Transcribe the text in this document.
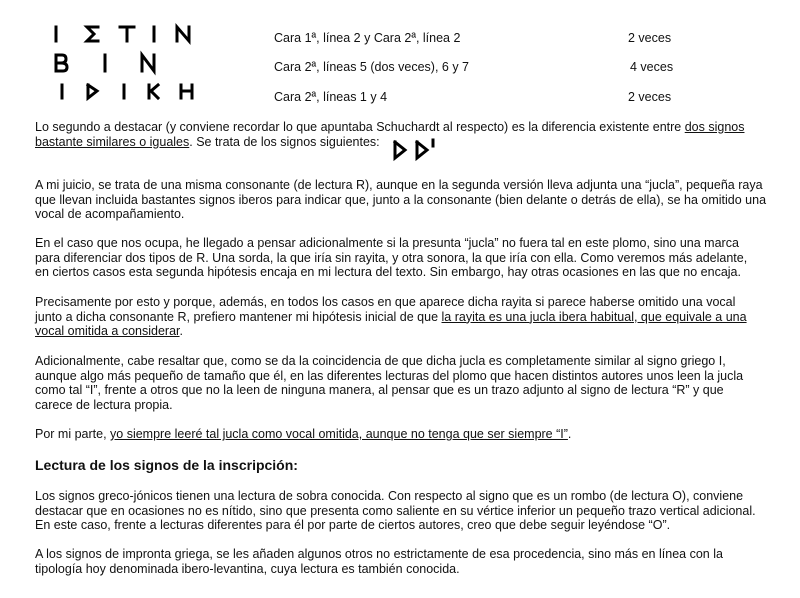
Cara 1ª, línea 2 y Cara 2ª, línea 2	2 veces
Cara 2ª, líneas 5 (dos veces), 6 y 7	4 veces
Cara 2ª, líneas 1 y 4	2 veces
Lo segundo a destacar (y conviene recordar lo que apuntaba Schuchardt al respecto) es la diferencia existente entre dos signos
bastante similares o iguales. Se trata de los signos siguientes:
A mi juicio, se trata de una misma consonante (de lectura R), aunque en la segunda versión lleva adjunta una “jucla”, pequeña raya
que llevan incluida bastantes signos iberos para indicar que, junto a la consonante (bien delante o detrás de ella), se ha omitido una
vocal de acompañamiento.
En el caso que nos ocupa, he llegado a pensar adicionalmente si la presunta “jucla” no fuera tal en este plomo, sino una marca
para diferenciar dos tipos de R. Una sorda, la que iría sin rayita, y otra sonora, la que iría con ella. Como veremos más adelante,
en ciertos casos esta segunda hipótesis encaja en mi lectura del texto. Sin embargo, hay otras ocasiones en las que no encaja.
Precisamente por esto y porque, además, en todos los casos en que aparece dicha rayita si parece haberse omitido una vocal
junto a dicha consonante R, prefiero mantener mi hipótesis inicial de que la rayita es una jucla ibera habitual, que equivale a una
vocal omitida a considerar.
Adicionalmente, cabe resaltar que, como se da la coincidencia de que dicha jucla es completamente similar al signo griego I,
aunque algo más pequeño de tamaño que él, en las diferentes lecturas del plomo que hacen distintos autores unos leen la jucla
como tal “I”, frente a otros que no la leen de ninguna manera, al pensar que es un trazo adjunto al signo de lectura “R” y que
carece de lectura propia.
Por mi parte, yo siempre leeré tal jucla como vocal omitida, aunque no tenga que ser siempre “I”.
Lectura de los signos de la inscripción:
Los signos greco-jónicos tienen una lectura de sobra conocida. Con respecto al signo que es un rombo (de lectura O), conviene
destacar que en ocasiones no es nítido, sino que presenta como saliente en su vértice inferior un pequeño trazo vertical adicional.
En este caso, frente a lecturas diferentes para él por parte de ciertos autores, creo que debe seguir leyéndose “O”.
A los signos de impronta griega, se les añaden algunos otros no estrictamente de esa procedencia, sino más en línea con la
tipología hoy denominada ibero-levantina, cuya lectura es también conocida.
